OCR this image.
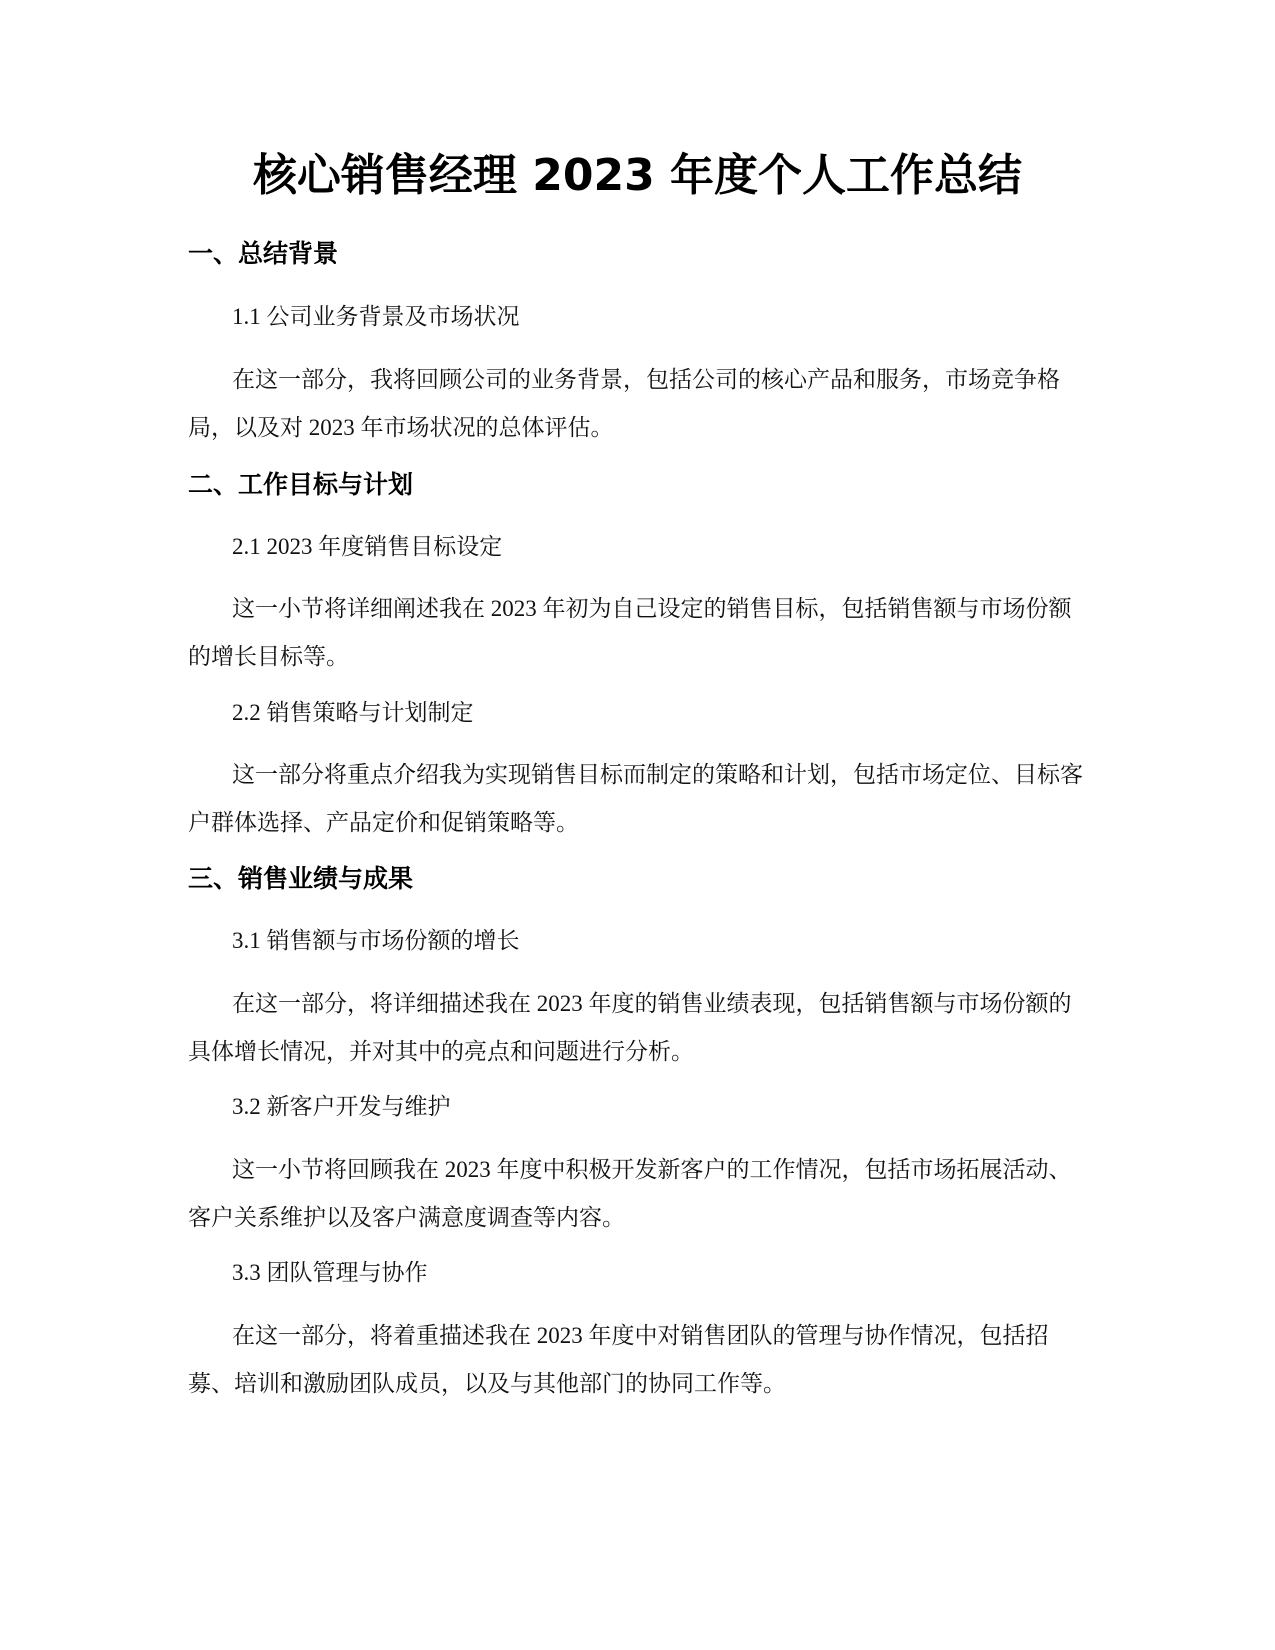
核心销售经理 2023 年度个人工作总结
一、总结背景

1.1 公司业务背景及市场状况

在这一部分，我将回顾公司的业务背景，包括公司的核心产品和服务，市场竞争格局，以及对 2023 年市场状况的总体评估。

二、工作目标与计划

2.1 2023 年度销售目标设定

这一小节将详细阐述我在 2023 年初为自己设定的销售目标，包括销售额与市场份额的增长目标等。

2.2 销售策略与计划制定

这一部分将重点介绍我为实现销售目标而制定的策略和计划，包括市场定位、目标客户群体选择、产品定价和促销策略等。

三、销售业绩与成果

3.1 销售额与市场份额的增长

在这一部分，将详细描述我在 2023 年度的销售业绩表现，包括销售额与市场份额的具体增长情况，并对其中的亮点和问题进行分析。

3.2 新客户开发与维护

这一小节将回顾我在 2023 年度中积极开发新客户的工作情况，包括市场拓展活动、客户关系维护以及客户满意度调查等内容。

3.3 团队管理与协作

在这一部分，将着重描述我在 2023 年度中对销售团队的管理与协作情况，包括招募、培训和激励团队成员，以及与其他部门的协同工作等。
